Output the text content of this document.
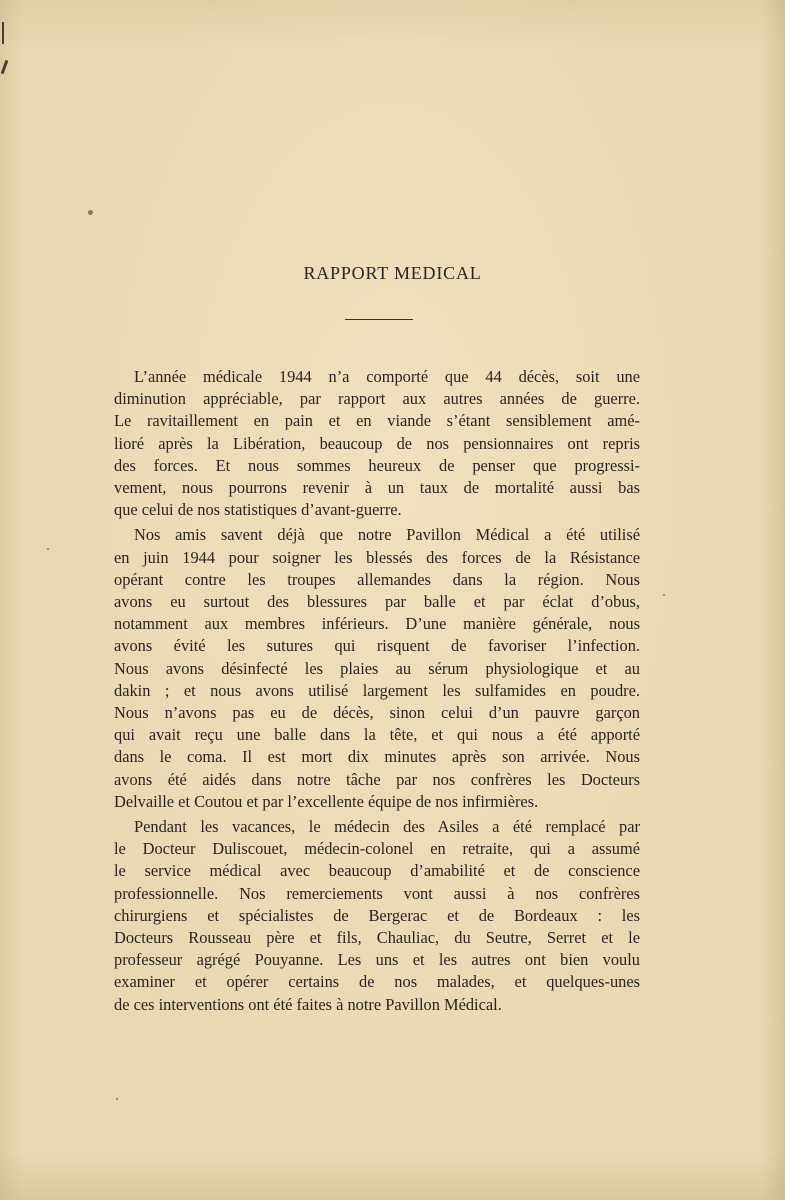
RAPPORT MEDICAL
L’année médicale 1944 n’a comporté que 44 décès, soit une
diminution appréciable, par rapport aux autres années de guerre.
Le ravitaillement en pain et en viande s’étant sensiblement amé-
lioré après la Libération, beaucoup de nos pensionnaires ont repris
des forces. Et nous sommes heureux de penser que progressi-
vement, nous pourrons revenir à un taux de mortalité aussi bas
que celui de nos statistiques d’avant-guerre.
Nos amis savent déjà que notre Pavillon Médical a été utilisé
en juin 1944 pour soigner les blessés des forces de la Résistance
opérant contre les troupes allemandes dans la région. Nous
avons eu surtout des blessures par balle et par éclat d’obus,
notamment aux membres inférieurs. D’une manière générale, nous
avons évité les sutures qui risquent de favoriser l’infection.
Nous avons désinfecté les plaies au sérum physiologique et au
dakin ; et nous avons utilisé largement les sulfamides en poudre.
Nous n’avons pas eu de décès, sinon celui d’un pauvre garçon
qui avait reçu une balle dans la tête, et qui nous a été apporté
dans le coma. Il est mort dix minutes après son arrivée. Nous
avons été aidés dans notre tâche par nos confrères les Docteurs
Delvaille et Coutou et par l’excellente équipe de nos infirmières.
Pendant les vacances, le médecin des Asiles a été remplacé par
le Docteur Duliscouet, médecin-colonel en retraite, qui a assumé
le service médical avec beaucoup d’amabilité et de conscience
professionnelle. Nos remerciements vont aussi à nos confrères
chirurgiens et spécialistes de Bergerac et de Bordeaux : les
Docteurs Rousseau père et fils, Chauliac, du Seutre, Serret et le
professeur agrégé Pouyanne. Les uns et les autres ont bien voulu
examiner et opérer certains de nos malades, et quelques-unes
de ces interventions ont été faites à notre Pavillon Médical.
